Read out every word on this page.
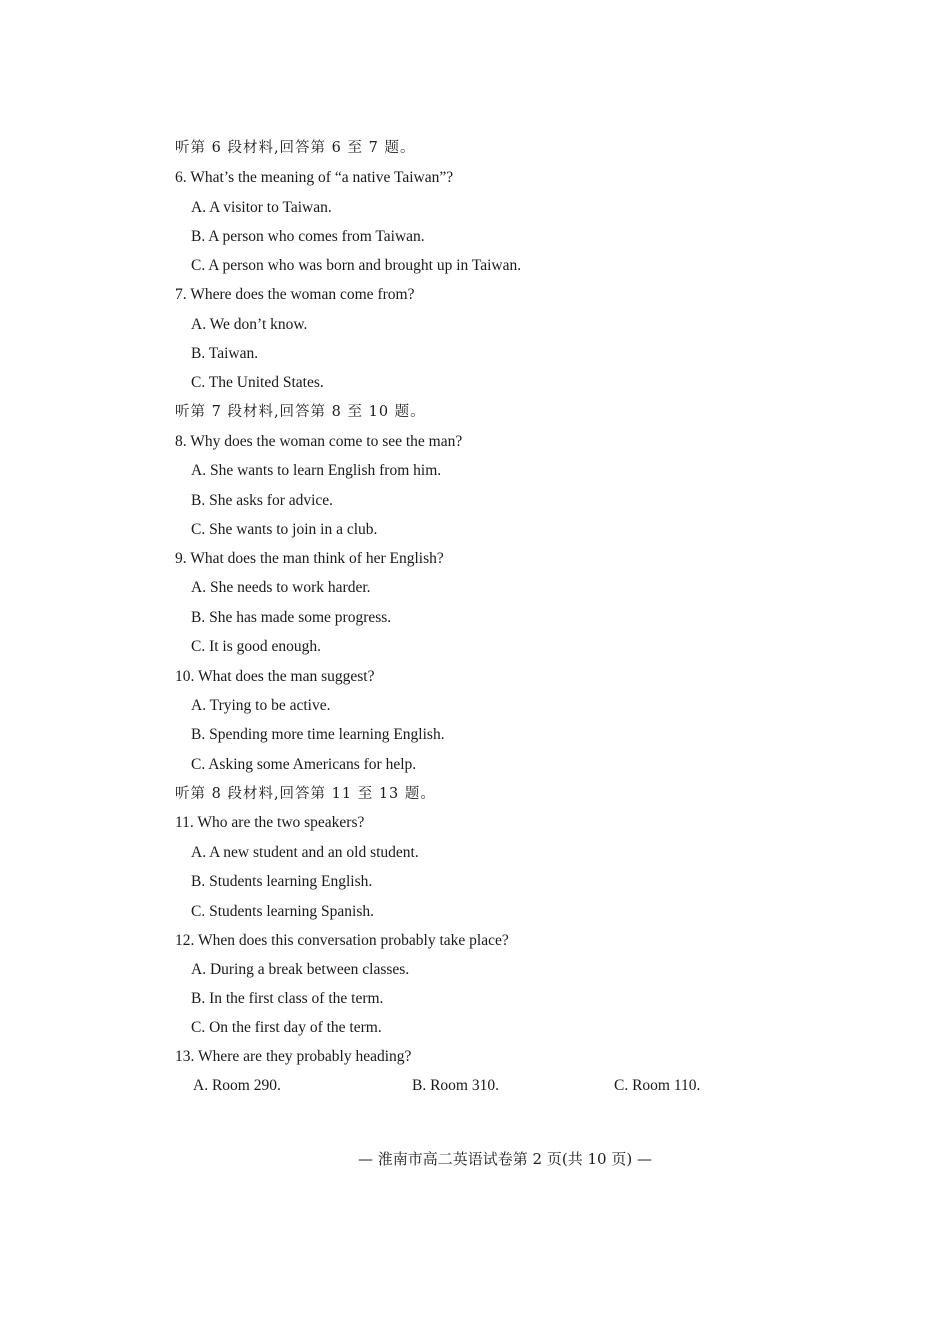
听第 6 段材料,回答第 6 至 7 题。
6. What’s the meaning of “a native Taiwan”?
A. A visitor to Taiwan.
B. A person who comes from Taiwan.
C. A person who was born and brought up in Taiwan.
7. Where does the woman come from?
A. We don’t know.
B. Taiwan.
C. The United States.
听第 7 段材料,回答第 8 至 10 题。
8. Why does the woman come to see the man?
A. She wants to learn English from him.
B. She asks for advice.
C. She wants to join in a club.
9. What does the man think of her English?
A. She needs to work harder.
B. She has made some progress.
C. It is good enough.
10. What does the man suggest?
A. Trying to be active.
B. Spending more time learning English.
C. Asking some Americans for help.
听第 8 段材料,回答第 11 至 13 题。
11. Who are the two speakers?
A. A new student and an old student.
B. Students learning English.
C. Students learning Spanish.
12. When does this conversation probably take place?
A. During a break between classes.
B. In the first class of the term.
C. On the first day of the term.
13. Where are they probably heading?
A. Room 290.	B. Room 310.	C. Room 110.
— 淮南市高二英语试卷第 2 页(共 10 页) —
